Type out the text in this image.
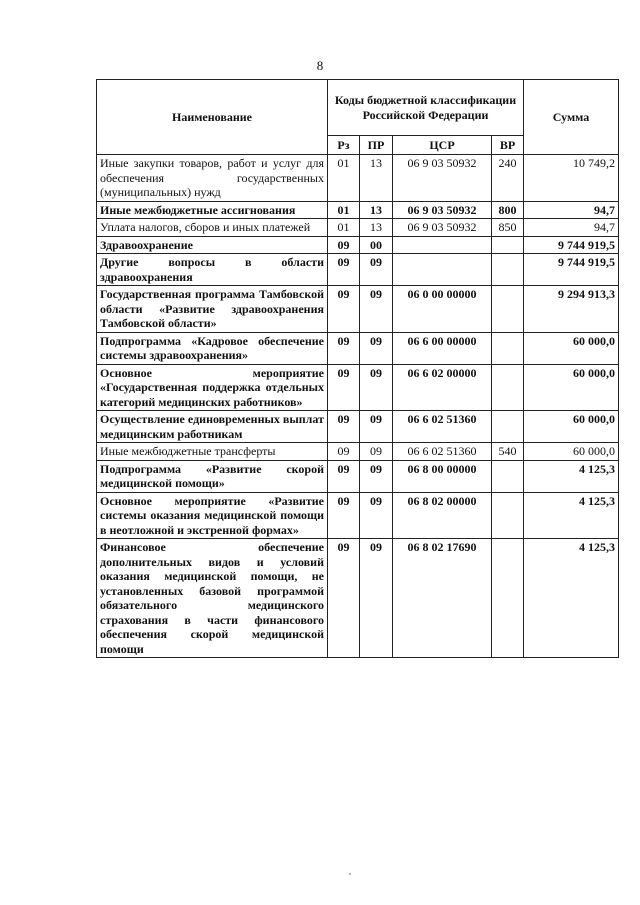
8
Наименование	Коды бюджетной классификации Российской Федерации				Сумма
	Рз	ПР	ЦСР	ВР	
Иные закупки товаров, работ и услуг для обеспечения государственных (муниципальных) нужд	01	13	06 9 03 50932	240	10 749,2
Иные межбюджетные ассигнования	01	13	06 9 03 50932	800	94,7
Уплата налогов, сборов и иных платежей	01	13	06 9 03 50932	850	94,7
Здравоохранение	09	00			9 744 919,5
Другие вопросы в области здравоохранения	09	09			9 744 919,5
Государственная программа Тамбовской области «Развитие здравоохранения Тамбовской области»	09	09	06 0 00 00000		9 294 913,3
Подпрограмма «Кадровое обеспечение системы здравоохранения»	09	09	06 6 00 00000		60 000,0
Основное мероприятие «Государственная поддержка отдельных категорий медицинских работников»	09	09	06 6 02 00000		60 000,0
Осуществление единовременных выплат медицинским работникам	09	09	06 6 02 51360		60 000,0
Иные межбюджетные трансферты	09	09	06 6 02 51360	540	60 000,0
Подпрограмма «Развитие скорой медицинской помощи»	09	09	06 8 00 00000		4 125,3
Основное мероприятие «Развитие системы оказания медицинской помощи в неотложной и экстренной формах»	09	09	06 8 02 00000		4 125,3
Финансовое обеспечение дополнительных видов и условий оказания медицинской помощи, не установленных базовой программой обязательного медицинского страхования в части финансового обеспечения скорой медицинской помощи	09	09	06 8 02 17690		4 125,3
